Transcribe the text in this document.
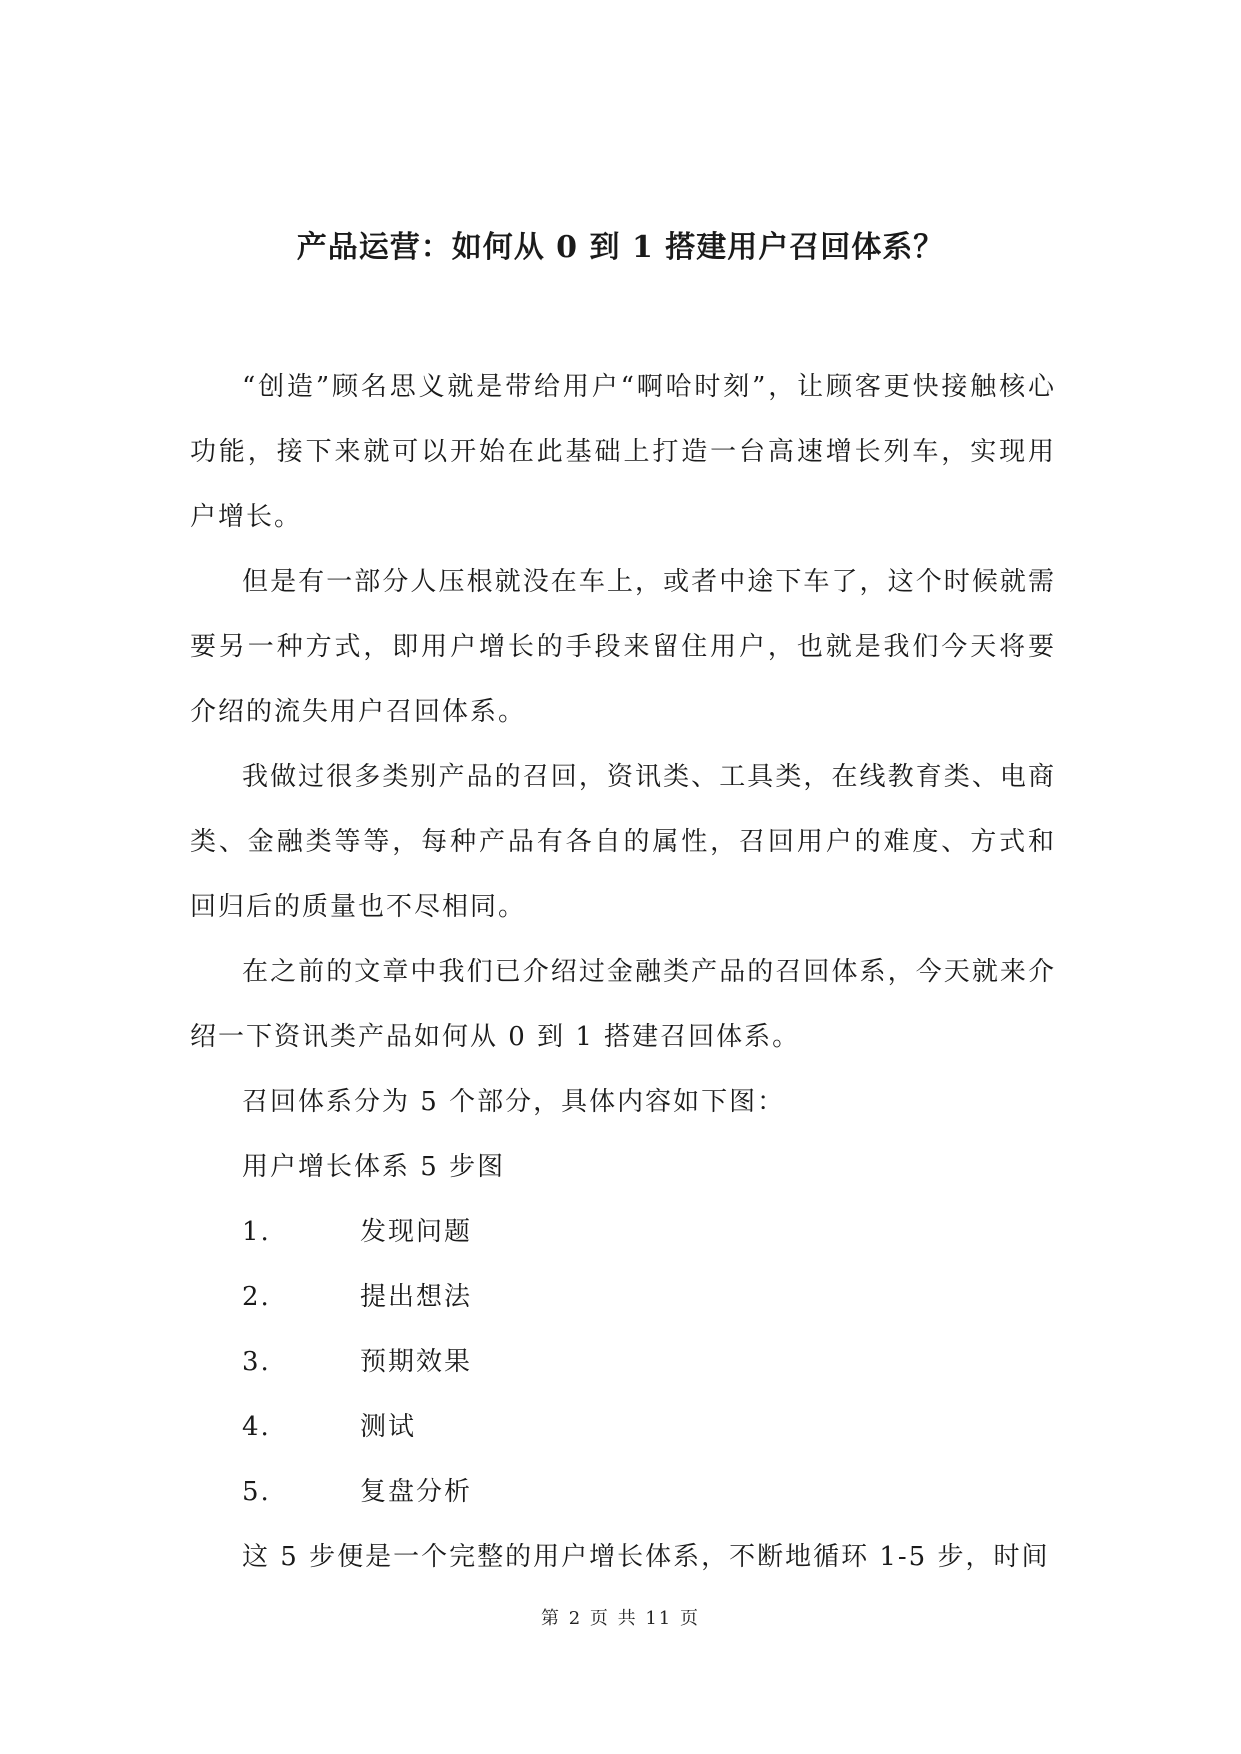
产品运营：如何从 0 到 1 搭建用户召回体系？

“创造”顾名思义就是带给用户“啊哈时刻”，让顾客更快接触核心功能，接下来就可以开始在此基础上打造一台高速增长列车，实现用户增长。

但是有一部分人压根就没在车上，或者中途下车了，这个时候就需要另一种方式，即用户增长的手段来留住用户，也就是我们今天将要介绍的流失用户召回体系。

我做过很多类别产品的召回，资讯类、工具类，在线教育类、电商类、金融类等等，每种产品有各自的属性，召回用户的难度、方式和回归后的质量也不尽相同。

在之前的文章中我们已介绍过金融类产品的召回体系，今天就来介绍一下资讯类产品如何从 0 到 1 搭建召回体系。

召回体系分为 5 个部分，具体内容如下图：

用户增长体系 5 步图

1.	发现问题
2.	提出想法
3.	预期效果
4.	测试
5.	复盘分析

这 5 步便是一个完整的用户增长体系，不断地循环 1-5 步，时间

第 2 页 共 11 页
